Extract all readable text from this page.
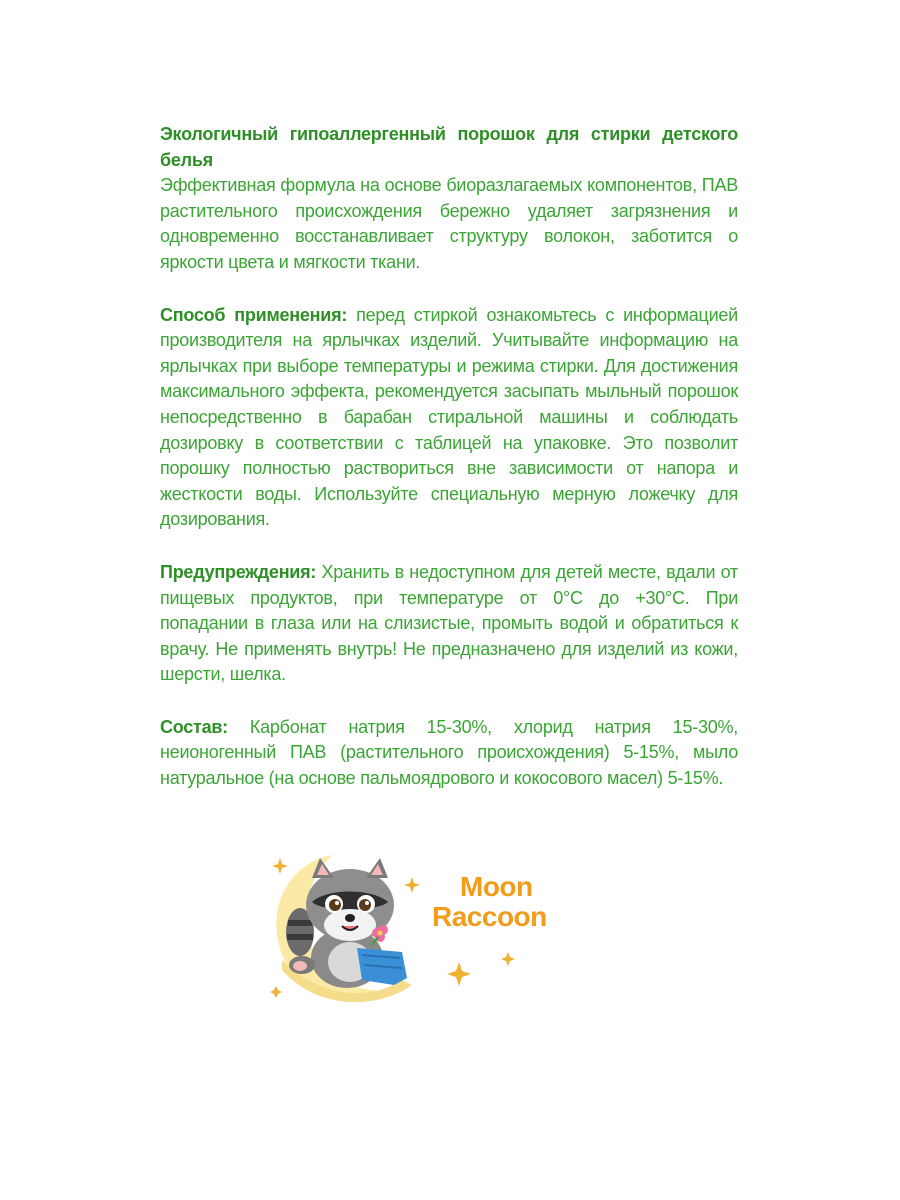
Экологичный гипоаллергенный порошок для стирки детского белья
Эффективная формула на основе биоразлагаемых компонентов, ПАВ растительного происхождения бережно удаляет загрязнения и одновременно восстанавливает структуру волокон, заботится о яркости цвета и мягкости ткани.

Способ применения: перед стиркой ознакомьтесь с информацией производителя на ярлычках изделий. Учитывайте информацию на ярлычках при выборе температуры и режима стирки. Для достижения максимального эффекта, рекомендуется засыпать мыльный порошок непосредственно в барабан стиральной машины и соблюдать дозировку в соответствии с таблицей на упаковке. Это позволит порошку полностью раствориться вне зависимости от напора и жесткости воды. Используйте специальную мерную ложечку для дозирования.

Предупреждения: Хранить в недоступном для детей месте, вдали от пищевых продуктов, при температуре от 0°С до +30°С. При попадании в глаза или на слизистые, промыть водой и обратиться к врачу. Не применять внутрь! Не предназначено для изделий из кожи, шерсти, шелка.

Состав: Карбонат натрия 15-30%, хлорид натрия 15-30%, неионогенный ПАВ (растительного происхождения) 5-15%, мыло натуральное (на основе пальмоядрового и кокосового масел) 5-15%.

Moon
Raccoon
